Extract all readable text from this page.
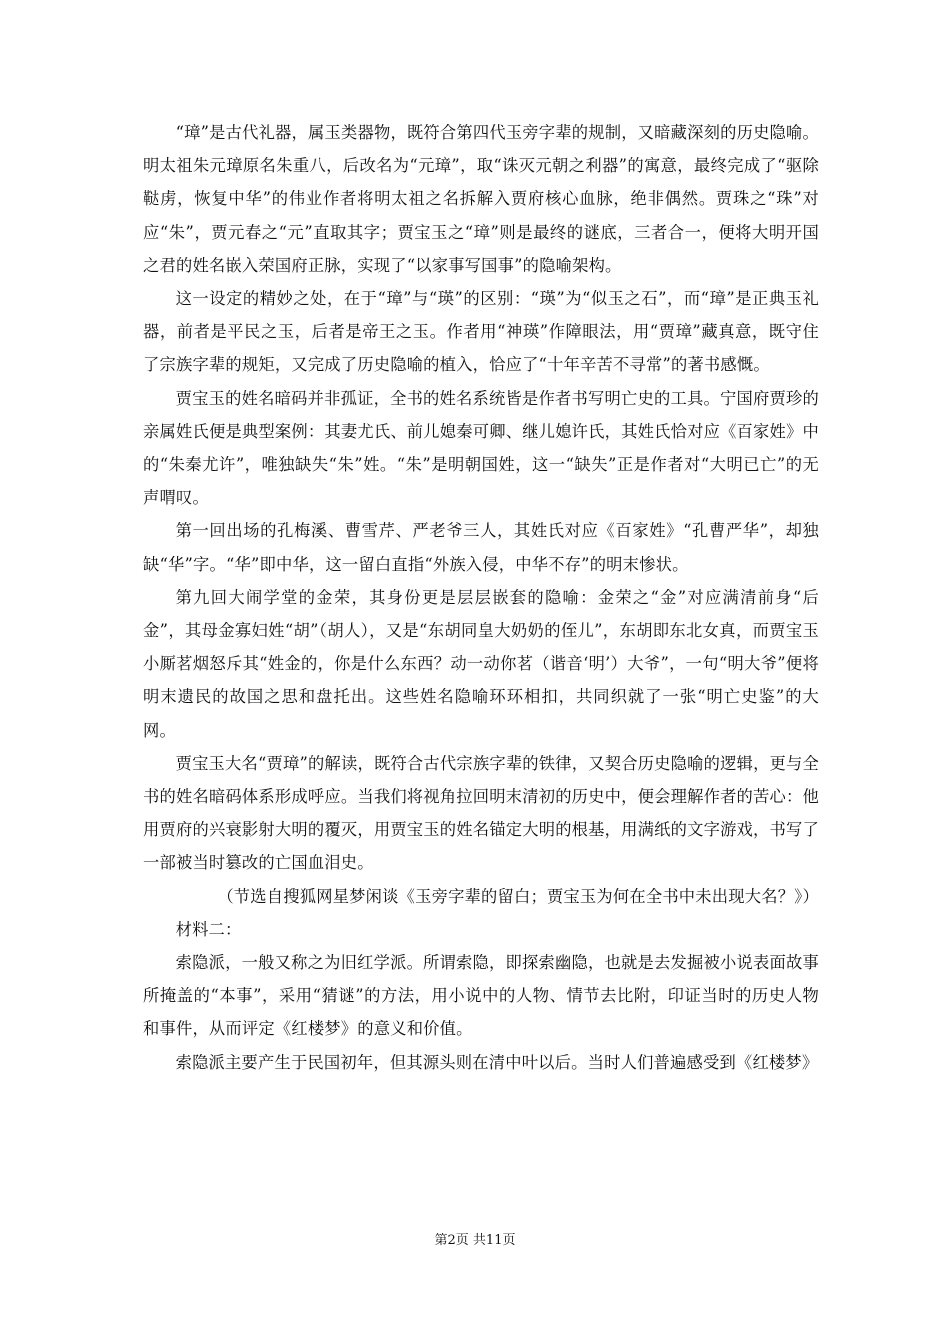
“璋”是古代礼器，属玉类器物，既符合第四代玉旁字辈的规制，又暗藏深刻的历史隐喻。明太祖朱元璋原名朱重八，后改名为“元璋”，取“诛灭元朝之利器”的寓意，最终完成了“驱除鞑虏，恢复中华”的伟业作者将明太祖之名拆解入贾府核心血脉，绝非偶然。贾珠之“珠”对应“朱”，贾元春之“元”直取其字；贾宝玉之“璋”则是最终的谜底，三者合一，便将大明开国之君的姓名嵌入荣国府正脉，实现了“以家事写国事”的隐喻架构。

这一设定的精妙之处，在于“璋”与“瑛”的区别：“瑛”为“似玉之石”，而“璋”是正典玉礼器，前者是平民之玉，后者是帝王之玉。作者用“神瑛”作障眼法，用“贾璋”藏真意，既守住了宗族字辈的规矩，又完成了历史隐喻的植入，恰应了“十年辛苦不寻常”的著书感慨。

贾宝玉的姓名暗码并非孤证，全书的姓名系统皆是作者书写明亡史的工具。宁国府贾珍的亲属姓氏便是典型案例：其妻尤氏、前儿媳秦可卿、继儿媳许氏，其姓氏恰对应《百家姓》中的“朱秦尤许”，唯独缺失“朱”姓。“朱”是明朝国姓，这一“缺失”正是作者对“大明已亡”的无声喟叹。

第一回出场的孔梅溪、曹雪芹、严老爷三人，其姓氏对应《百家姓》“孔曹严华”，却独缺“华”字。“华”即中华，这一留白直指“外族入侵，中华不存”的明末惨状。

第九回大闹学堂的金荣，其身份更是层层嵌套的隐喻：金荣之“金”对应满清前身“后金”，其母金寡妇姓“胡”（胡人），又是“东胡同皇大奶奶的侄儿”，东胡即东北女真，而贾宝玉小厮茗烟怒斥其“姓金的，你是什么东西？动一动你茗（谐音‘明’）大爷”，一句“明大爷”便将明末遗民的故国之思和盘托出。这些姓名隐喻环环相扣，共同织就了一张“明亡史鉴”的大网。

贾宝玉大名“贾璋”的解读，既符合古代宗族字辈的铁律，又契合历史隐喻的逻辑，更与全书的姓名暗码体系形成呼应。当我们将视角拉回明末清初的历史中，便会理解作者的苦心：他用贾府的兴衰影射大明的覆灭，用贾宝玉的姓名锚定大明的根基，用满纸的文字游戏，书写了一部被当时篡改的亡国血泪史。

（节选自搜狐网星梦闲谈《玉旁字辈的留白；贾宝玉为何在全书中未出现大名？》）

材料二：

索隐派，一般又称之为旧红学派。所谓索隐，即探索幽隐，也就是去发掘被小说表面故事所掩盖的“本事”，采用“猜谜”的方法，用小说中的人物、情节去比附，印证当时的历史人物和事件，从而评定《红楼梦》的意义和价值。

索隐派主要产生于民国初年，但其源头则在清中叶以后。当时人们普遍感受到《红楼梦》

第2页 共11页
